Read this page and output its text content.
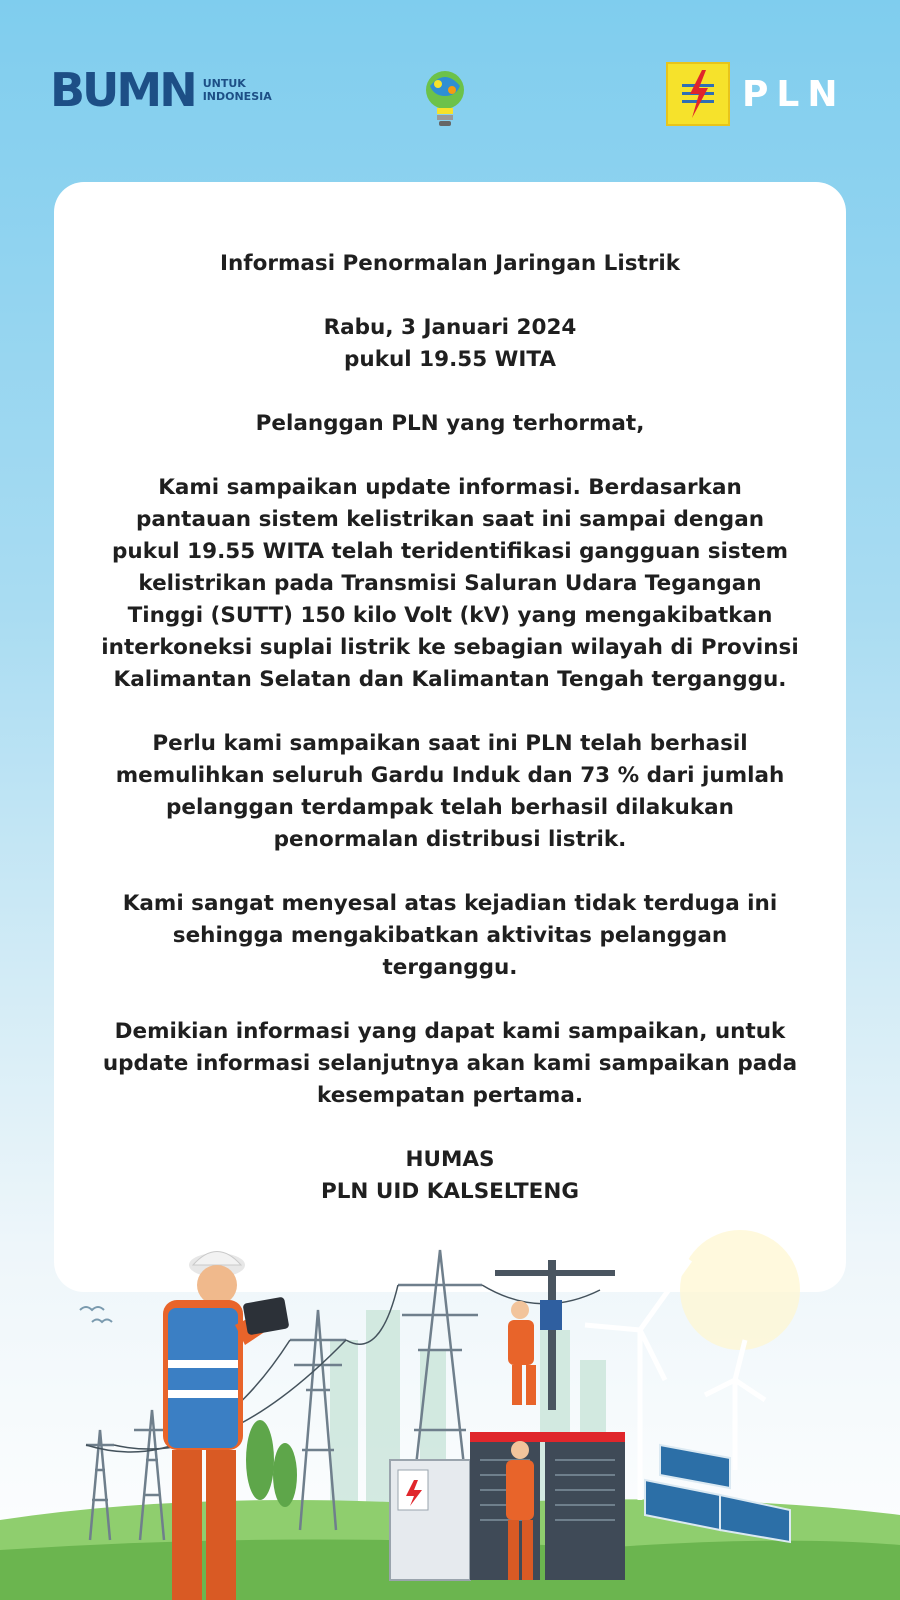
BUMN UNTUK
INDONESIA	PLN

Informasi Penormalan Jaringan Listrik

Rabu, 3 Januari 2024
pukul 19.55 WITA

Pelanggan PLN yang terhormat,

Kami sampaikan update informasi. Berdasarkan pantauan sistem kelistrikan saat ini sampai dengan pukul 19.55 WITA telah teridentifikasi gangguan sistem kelistrikan pada Transmisi Saluran Udara Tegangan Tinggi (SUTT) 150 kilo Volt (kV) yang mengakibatkan interkoneksi suplai listrik ke sebagian wilayah di Provinsi Kalimantan Selatan dan Kalimantan Tengah terganggu.

Perlu kami sampaikan saat ini PLN telah berhasil memulihkan seluruh Gardu Induk dan 73 % dari jumlah pelanggan terdampak telah berhasil dilakukan penormalan distribusi listrik.

Kami sangat menyesal atas kejadian tidak terduga ini sehingga mengakibatkan aktivitas pelanggan terganggu.

Demikian informasi yang dapat kami sampaikan, untuk update informasi selanjutnya akan kami sampaikan pada kesempatan pertama.

HUMAS

PLN UID KALSELTENG
